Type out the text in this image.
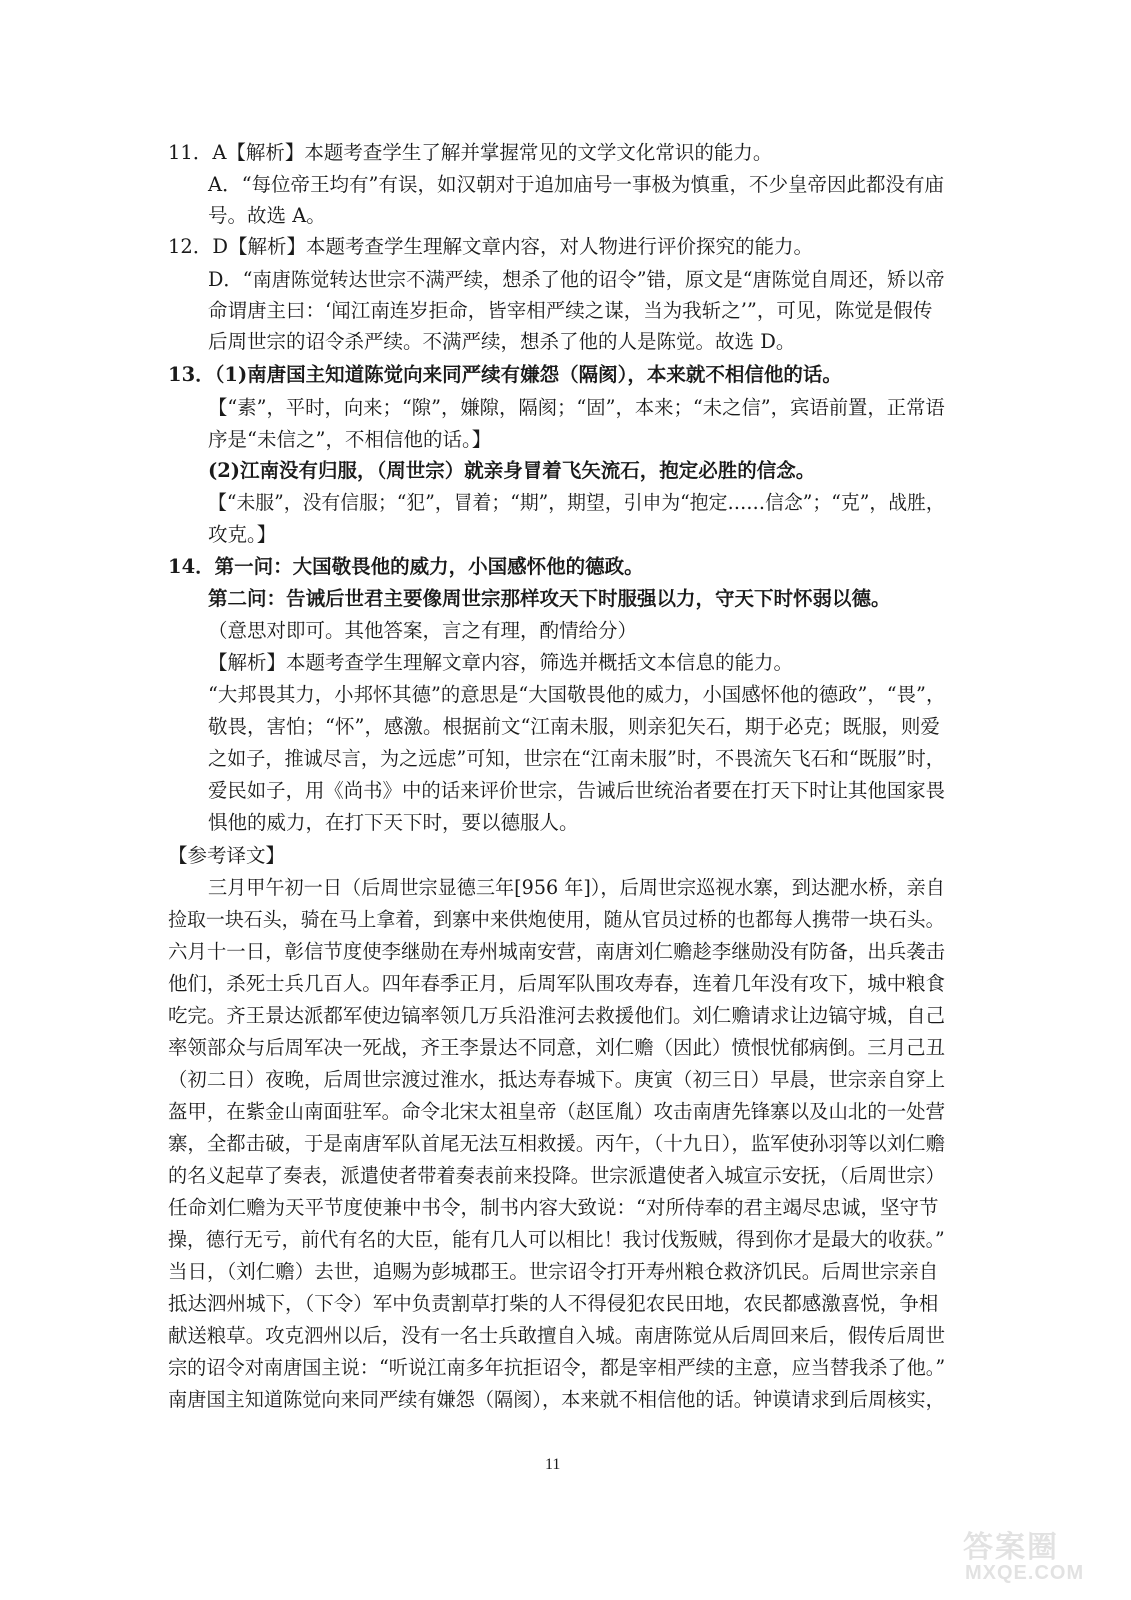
11．A【解析】本题考查学生了解并掌握常见的文学文化常识的能力。
A．“每位帝王均有”有误，如汉朝对于追加庙号一事极为慎重，不少皇帝因此都没有庙
号。故选 A。
12．D【解析】本题考查学生理解文章内容，对人物进行评价探究的能力。
D．“南唐陈觉转达世宗不满严续，想杀了他的诏令”错，原文是“唐陈觉自周还，矫以帝
命谓唐主曰：‘闻江南连岁拒命，皆宰相严续之谋，当为我斩之’”，可见，陈觉是假传
后周世宗的诏令杀严续。不满严续，想杀了他的人是陈觉。故选 D。
13．（1)南唐国主知道陈觉向来同严续有嫌怨（隔阂），本来就不相信他的话。
【“素”，平时，向来；“隙”，嫌隙，隔阂；“固”，本来；“未之信”，宾语前置，正常语
序是“未信之”，不相信他的话。】
(2)江南没有归服，（周世宗）就亲身冒着飞矢流石，抱定必胜的信念。
【“未服”，没有信服；“犯”，冒着；“期”，期望，引申为“抱定……信念”；“克”，战胜，
攻克。】
14．第一问：大国敬畏他的威力，小国感怀他的德政。
第二问：告诫后世君主要像周世宗那样攻天下时服强以力，守天下时怀弱以德。
（意思对即可。其他答案，言之有理，酌情给分）
【解析】本题考查学生理解文章内容，筛选并概括文本信息的能力。
“大邦畏其力，小邦怀其德”的意思是“大国敬畏他的威力，小国感怀他的德政”，“畏”，
敬畏，害怕；“怀”，感激。根据前文“江南未服，则亲犯矢石，期于必克；既服，则爱
之如子，推诚尽言，为之远虑”可知，世宗在“江南未服”时，不畏流矢飞石和“既服”时，
爱民如子，用《尚书》中的话来评价世宗，告诫后世统治者要在打天下时让其他国家畏
惧他的威力，在打下天下时，要以德服人。
【参考译文】
三月甲午初一日（后周世宗显德三年[956 年]），后周世宗巡视水寨，到达淝水桥，亲自
捡取一块石头，骑在马上拿着，到寨中来供炮使用，随从官员过桥的也都每人携带一块石头。
六月十一日，彰信节度使李继勋在寿州城南安营，南唐刘仁赡趁李继勋没有防备，出兵袭击
他们，杀死士兵几百人。四年春季正月，后周军队围攻寿春，连着几年没有攻下，城中粮食
吃完。齐王景达派都军使边镐率领几万兵沿淮河去救援他们。刘仁赡请求让边镐守城，自己
率领部众与后周军决一死战，齐王李景达不同意，刘仁赡（因此）愤恨忧郁病倒。三月己丑
（初二日）夜晚，后周世宗渡过淮水，抵达寿春城下。庚寅（初三日）早晨，世宗亲自穿上
盔甲，在紫金山南面驻军。命令北宋太祖皇帝（赵匡胤）攻击南唐先锋寨以及山北的一处营
寨，全都击破，于是南唐军队首尾无法互相救援。丙午，（十九日），监军使孙羽等以刘仁赡
的名义起草了奏表，派遣使者带着奏表前来投降。世宗派遣使者入城宣示安抚，（后周世宗）
任命刘仁赡为天平节度使兼中书令，制书内容大致说：“对所侍奉的君主竭尽忠诚，坚守节
操，德行无亏，前代有名的大臣，能有几人可以相比！我讨伐叛贼，得到你才是最大的收获。”
当日，（刘仁赡）去世，追赐为彭城郡王。世宗诏令打开寿州粮仓救济饥民。后周世宗亲自
抵达泗州城下，（下令）军中负责割草打柴的人不得侵犯农民田地，农民都感激喜悦，争相
献送粮草。攻克泗州以后，没有一名士兵敢擅自入城。南唐陈觉从后周回来后，假传后周世
宗的诏令对南唐国主说：“听说江南多年抗拒诏令，都是宰相严续的主意，应当替我杀了他。”
南唐国主知道陈觉向来同严续有嫌怨（隔阂），本来就不相信他的话。钟谟请求到后周核实，
11
答案圈
MXQE.COM
